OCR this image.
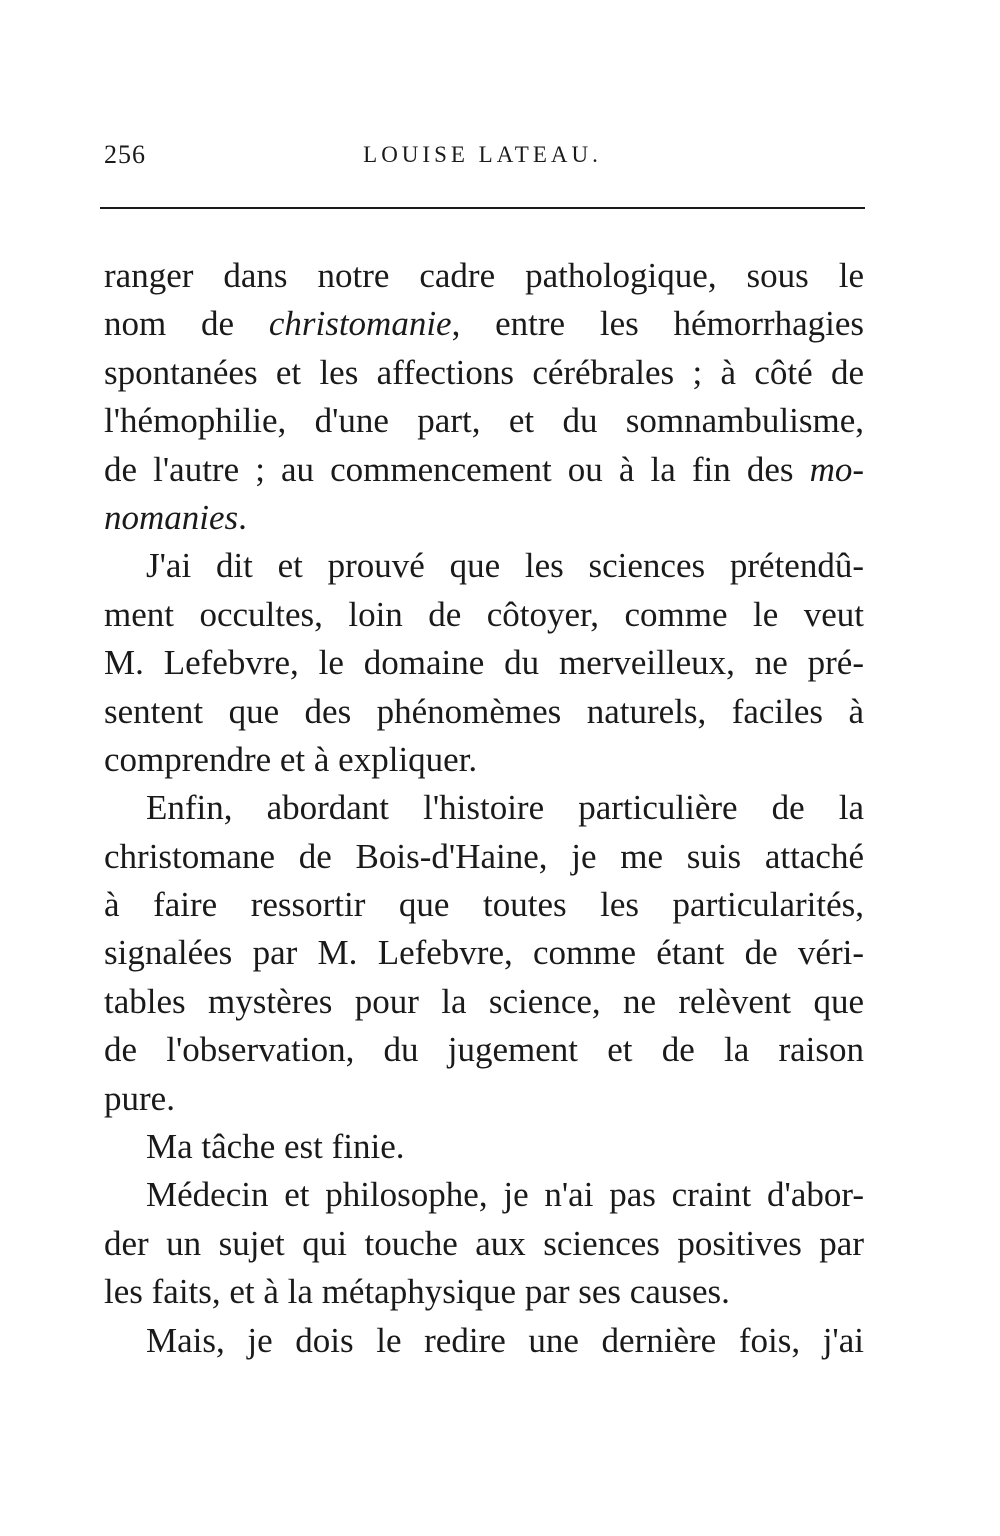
256	LOUISE LATEAU.
ranger dans notre cadre pathologique, sous le
nom de christomanie, entre les hémorrhagies
spontanées et les affections cérébrales ; à côté de
l'hémophilie, d'une part, et du somnambulisme,
de l'autre ; au commencement ou à la fin des mo-
nomanies.
J'ai dit et prouvé que les sciences prétendû-
ment occultes, loin de côtoyer, comme le veut
M. Lefebvre, le domaine du merveilleux, ne pré-
sentent que des phénomèmes naturels, faciles à
comprendre et à expliquer.
Enfin, abordant l'histoire particulière de la
christomane de Bois-d'Haine, je me suis attaché
à faire ressortir que toutes les particularités,
signalées par M. Lefebvre, comme étant de véri-
tables mystères pour la science, ne relèvent que
de l'observation, du jugement et de la raison
pure.
Ma tâche est finie.
Médecin et philosophe, je n'ai pas craint d'abor-
der un sujet qui touche aux sciences positives par
les faits, et à la métaphysique par ses causes.
Mais, je dois le redire une dernière fois, j'ai
